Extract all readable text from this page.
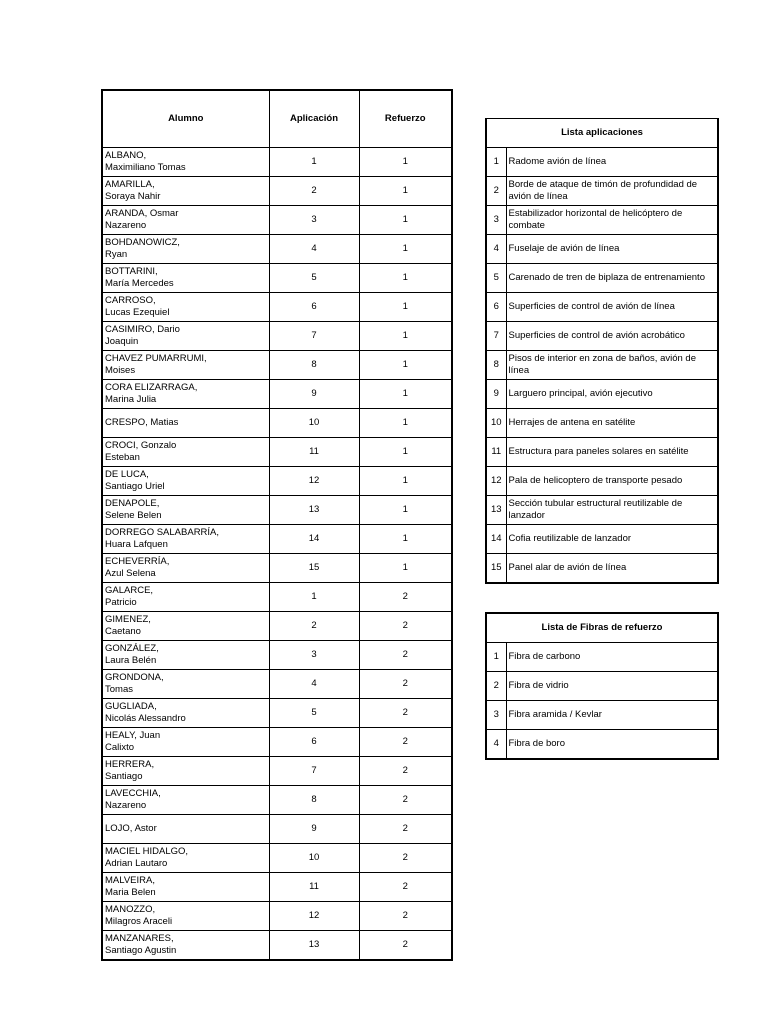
Alumno	Aplicación	Refuerzo

ALBANO,
Maximiliano Tomas	1	1

AMARILLA,
Soraya Nahir	2	1

ARANDA, Osmar
Nazareno	3	1

BOHDANOWICZ,
Ryan	4	1

BOTTARINI,
María Mercedes	5	1

CARROSO,
Lucas Ezequiel	6	1

CASIMIRO, Dario
Joaquin	7	1

CHAVEZ PUMARRUMI,
Moises	8	1

CORA ELIZARRAGA,
Marina Julia	9	1

CRESPO, Matias	10	1

CROCI, Gonzalo
Esteban	11	1

DE LUCA,
Santiago Uriel	12	1

DENAPOLE,
Selene Belen	13	1

DORREGO SALABARRÍA,
Huara Lafquen	14	1

ECHEVERRÍA,
Azul Selena	15	1

GALARCE,
Patricio	1	2

GIMENEZ,
Caetano	2	2

GONZÁLEZ,
Laura Belén	3	2

GRONDONA,
Tomas	4	2

GUGLIADA,
Nicolás Alessandro	5	2

HEALY, Juan
Calixto	6	2

HERRERA,
Santiago	7	2

LAVECCHIA,
Nazareno	8	2

LOJO, Astor	9	2

MACIEL HIDALGO,
Adrian Lautaro	10	2

MALVEIRA,
Maria Belen	11	2

MANOZZO,
Milagros Araceli	12	2

MANZANARES,
Santiago Agustin	13	2
Lista aplicaciones	
1	Radome avión de línea
2	Borde de ataque de timón de profundidad de avión de línea
3	Estabilizador horizontal de helicóptero de combate
4	Fuselaje de avión de línea
5	Carenado de tren de biplaza de entrenamiento
6	Superficies de control de avión de línea
7	Superficies de control de avión acrobático
8	Pisos de interior en zona de baños, avión de línea
9	Larguero principal, avión ejecutivo
10	Herrajes de antena en satélite
11	Estructura para paneles solares en satélite
12	Pala de helicoptero de transporte pesado
13	Sección tubular estructural reutilizable de lanzador
14	Cofia reutilizable de lanzador
15	Panel alar de avión de línea
Lista de Fibras de refuerzo	
1	Fibra de carbono
2	Fibra de vidrio
3	Fibra aramida / Kevlar
4	Fibra de boro
